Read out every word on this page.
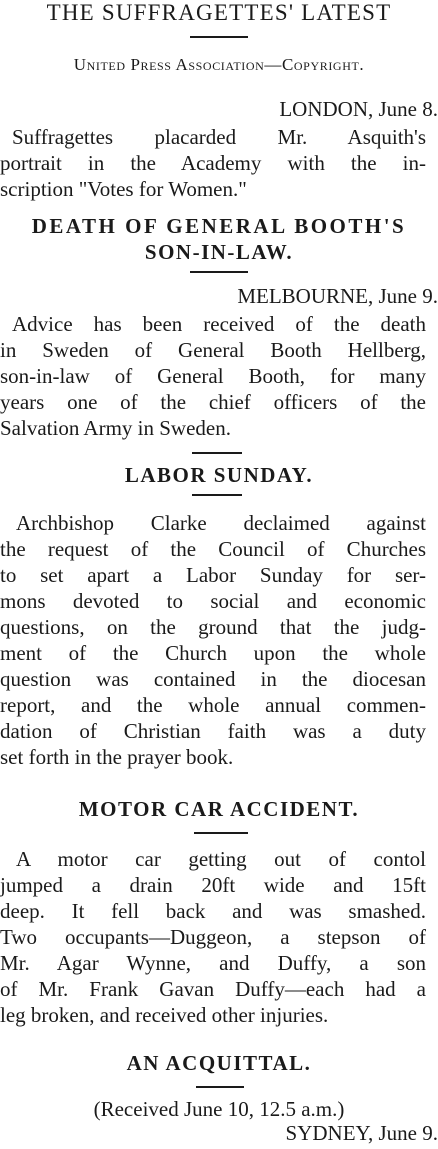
THE SUFFRAGETTES' LATEST
United Press Association—Copyright.
LONDON, June 8.
Suffragettes placarded Mr. Asquith's
portrait in the Academy with the in-
scription "Votes for Women."
DEATH OF GENERAL BOOTH'S
SON-IN-LAW.
MELBOURNE, June 9.
Advice has been received of the death
in Sweden of General Booth Hellberg,
son-in-law of General Booth, for many
years one of the chief officers of the
Salvation Army in Sweden.
LABOR SUNDAY.
Archbishop Clarke declaimed against
the request of the Council of Churches
to set apart a Labor Sunday for ser-
mons devoted to social and economic
questions, on the ground that the judg-
ment of the Church upon the whole
question was contained in the diocesan
report, and the whole annual commen-
dation of Christian faith was a duty
set forth in the prayer book.
MOTOR CAR ACCIDENT.
A motor car getting out of contol
jumped a drain 20ft wide and 15ft
deep. It fell back and was smashed.
Two occupants—Duggeon, a stepson of
Mr. Agar Wynne, and Duffy, a son
of Mr. Frank Gavan Duffy—each had a
leg broken, and received other injuries.
AN ACQUITTAL.
(Received June 10, 12.5 a.m.)
SYDNEY, June 9.
